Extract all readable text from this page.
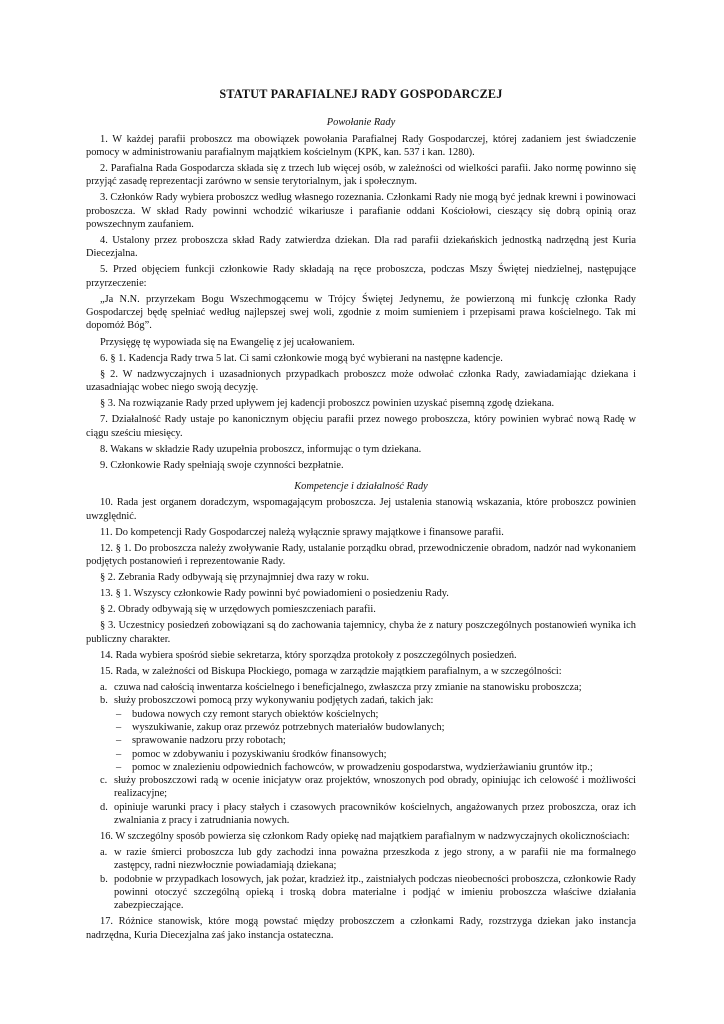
STATUT PARAFIALNEJ RADY GOSPODARCZEJ
Powołanie Rady

1. W każdej parafii proboszcz ma obowiązek powołania Parafialnej Rady Gospodarczej, której zadaniem jest świadczenie pomocy w administrowaniu parafialnym majątkiem kościelnym (KPK, kan. 537 i kan. 1280).

2. Parafialna Rada Gospodarcza składa się z trzech lub więcej osób, w zależności od wielkości parafii. Jako normę powinno się przyjąć zasadę reprezentacji zarówno w sensie terytorialnym, jak i społecznym.

3. Członków Rady wybiera proboszcz według własnego rozeznania. Członkami Rady nie mogą być jednak krewni i powinowaci proboszcza. W skład Rady powinni wchodzić wikariusze i parafianie oddani Kościołowi, cieszący się dobrą opinią oraz powszechnym zaufaniem.

4. Ustalony przez proboszcza skład Rady zatwierdza dziekan. Dla rad parafii dziekańskich jednostką nadrzędną jest Kuria Diecezjalna.

5. Przed objęciem funkcji członkowie Rady składają na ręce proboszcza, podczas Mszy Świętej niedzielnej, następujące przyrzeczenie:

„Ja N.N. przyrzekam Bogu Wszechmogącemu w Trójcy Świętej Jedynemu, że powierzoną mi funkcję członka Rady Gospodarczej będę spełniać według najlepszej swej woli, zgodnie z moim sumieniem i przepisami prawa kościelnego. Tak mi dopomóż Bóg”.

Przysięgę tę wypowiada się na Ewangelię z jej ucałowaniem.

6. § 1. Kadencja Rady trwa 5 lat. Ci sami członkowie mogą być wybierani na następne kadencje.

§ 2. W nadzwyczajnych i uzasadnionych przypadkach proboszcz może odwołać członka Rady, zawiadamiając dziekana i uzasadniając wobec niego swoją decyzję.

§ 3. Na rozwiązanie Rady przed upływem jej kadencji proboszcz powinien uzyskać pisemną zgodę dziekana.

7. Działalność Rady ustaje po kanonicznym objęciu parafii przez nowego proboszcza, który powinien wybrać nową Radę w ciągu sześciu miesięcy.

8. Wakans w składzie Rady uzupełnia proboszcz, informując o tym dziekana.

9. Członkowie Rady spełniają swoje czynności bezpłatnie.

Kompetencje i działalność Rady

10. Rada jest organem doradczym, wspomagającym proboszcza. Jej ustalenia stanowią wskazania, które proboszcz powinien uwzględnić.

11. Do kompetencji Rady Gospodarczej należą wyłącznie sprawy majątkowe i finansowe parafii.

12. § 1. Do proboszcza należy zwoływanie Rady, ustalanie porządku obrad, przewodniczenie obradom, nadzór nad wykonaniem podjętych postanowień i reprezentowanie Rady.

§ 2. Zebrania Rady odbywają się przynajmniej dwa razy w roku.

13. § 1. Wszyscy członkowie Rady powinni być powiadomieni o posiedzeniu Rady.

§ 2. Obrady odbywają się w urzędowych pomieszczeniach parafii.

§ 3. Uczestnicy posiedzeń zobowiązani są do zachowania tajemnicy, chyba że z natury poszczególnych postanowień wynika ich publiczny charakter.

14. Rada wybiera spośród siebie sekretarza, który sporządza protokoły z poszczególnych posiedzeń.

15. Rada, w zależności od Biskupa Płockiego, pomaga w zarządzie majątkiem parafialnym, a w szczególności:

a. czuwa nad całością inwentarza kościelnego i beneficjalnego, zwłaszcza przy zmianie na stanowisku proboszcza;
b. służy proboszczowi pomocą przy wykonywaniu podjętych zadań, takich jak:
– budowa nowych czy remont starych obiektów kościelnych;
– wyszukiwanie, zakup oraz przewóz potrzebnych materiałów budowlanych;
– sprawowanie nadzoru przy robotach;
– pomoc w zdobywaniu i pozyskiwaniu środków finansowych;
– pomoc w znalezieniu odpowiednich fachowców, w prowadzeniu gospodarstwa, wydzierżawianiu gruntów itp.;
c. służy proboszczowi radą w ocenie inicjatyw oraz projektów, wnoszonych pod obrady, opiniując ich celowość i możliwości realizacyjne;
d. opiniuje warunki pracy i płacy stałych i czasowych pracowników kościelnych, angażowanych przez proboszcza, oraz ich zwalniania z pracy i zatrudniania nowych.

16. W szczególny sposób powierza się członkom Rady opiekę nad majątkiem parafialnym w nadzwyczajnych okolicznościach:

a. w razie śmierci proboszcza lub gdy zachodzi inna poważna przeszkoda z jego strony, a w parafii nie ma formalnego zastępcy, radni niezwłocznie powiadamiają dziekana;
b. podobnie w przypadkach losowych, jak pożar, kradzież itp., zaistniałych podczas nieobecności proboszcza, członkowie Rady powinni otoczyć szczególną opieką i troską dobra materialne i podjąć w imieniu proboszcza właściwe działania zabezpieczające.

17. Różnice stanowisk, które mogą powstać między proboszczem a członkami Rady, rozstrzyga dziekan jako instancja nadrzędna, Kuria Diecezjalna zaś jako instancja ostateczna.
